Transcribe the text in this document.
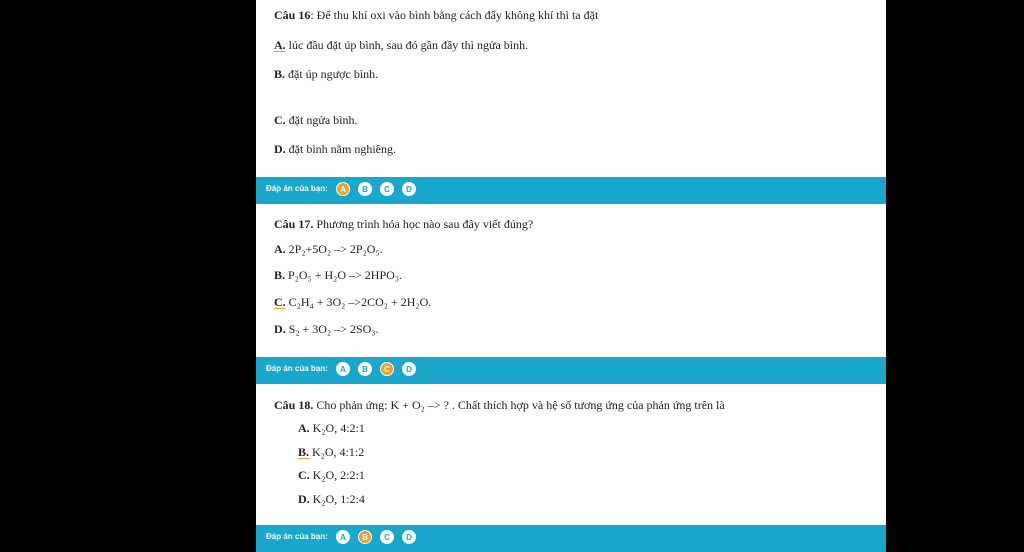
Câu 16: Để thu khí oxi vào bình bằng cách đẩy không khí thì ta đặt
A. lúc đầu đặt úp bình, sau đó gần đầy thì ngửa bình.
B. đặt úp ngược bình.
C. đặt ngửa bình.
D. đặt bình nằm nghiêng.
Đáp án của bạn:	A	B	C	D
Câu 17. Phương trình hóa học nào sau đây viết đúng?
A. 2P₂+5O₂ –> 2P₂O₅.
B. P₂O₅ + H₂O –> 2HPO₃.
C. C₂H₄ + 3O₂ –>2CO₂ + 2H₂O.
D. S₂ + 3O₂ –> 2SO₃.
Đáp án của bạn:	A	B	C	D
Câu 18. Cho phản ứng: K + O₂ –> ? . Chất thích hợp và hệ số tương ứng của phản ứng trên là
A. K₂O, 4:2:1
B. K₂O, 4:1:2
C. K₂O, 2:2:1
D. K₂O, 1:2:4
Đáp án của bạn:	A	B	C	D
